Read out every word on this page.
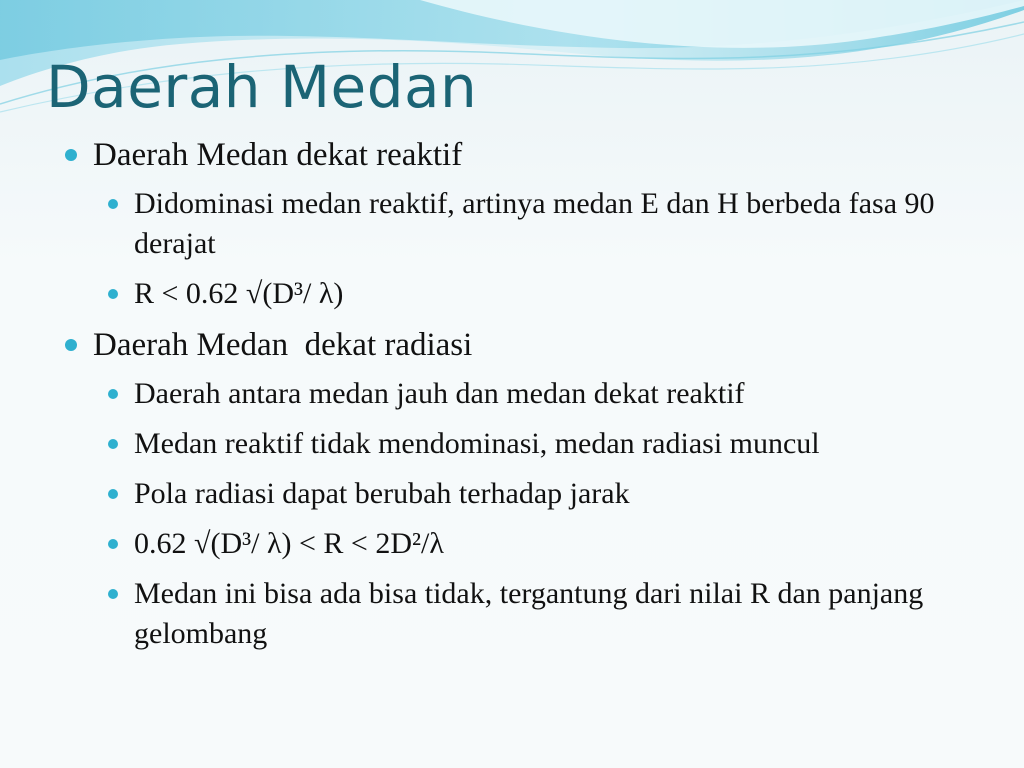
Daerah Medan
Daerah Medan dekat reaktif
Didominasi medan reaktif, artinya medan E dan H berbeda fasa 90 derajat
R < 0.62 √(D³/ λ)
Daerah Medan  dekat radiasi
Daerah antara medan jauh dan medan dekat reaktif
Medan reaktif tidak mendominasi, medan radiasi muncul
Pola radiasi dapat berubah terhadap jarak
0.62 √(D³/ λ) < R < 2D²/λ
Medan ini bisa ada bisa tidak, tergantung dari nilai R dan panjang gelombang
